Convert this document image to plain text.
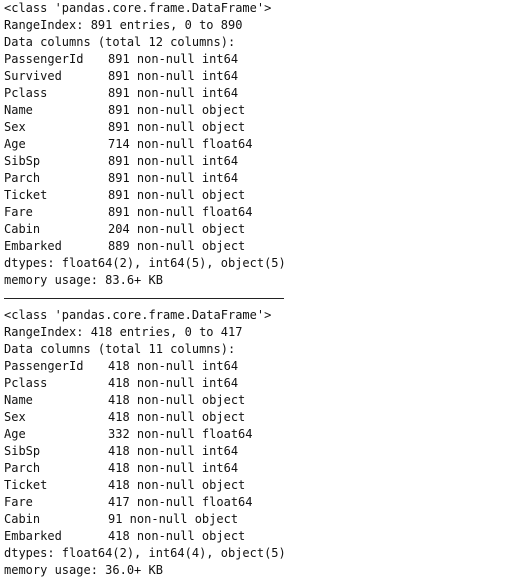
<class 'pandas.core.frame.DataFrame'>
RangeIndex: 891 entries, 0 to 890
Data columns (total 12 columns):
PassengerId	891 non-null int64
Survived	891 non-null int64
Pclass	891 non-null int64
Name	891 non-null object
Sex	891 non-null object
Age	714 non-null float64
SibSp	891 non-null int64
Parch	891 non-null int64
Ticket	891 non-null object
Fare	891 non-null float64
Cabin	204 non-null object
Embarked	889 non-null object
dtypes: float64(2), int64(5), object(5)
memory usage: 83.6+ KB
<class 'pandas.core.frame.DataFrame'>
RangeIndex: 418 entries, 0 to 417
Data columns (total 11 columns):
PassengerId	418 non-null int64
Pclass	418 non-null int64
Name	418 non-null object
Sex	418 non-null object
Age	332 non-null float64
SibSp	418 non-null int64
Parch	418 non-null int64
Ticket	418 non-null object
Fare	417 non-null float64
Cabin	91 non-null object
Embarked	418 non-null object
dtypes: float64(2), int64(4), object(5)
memory usage: 36.0+ KB
